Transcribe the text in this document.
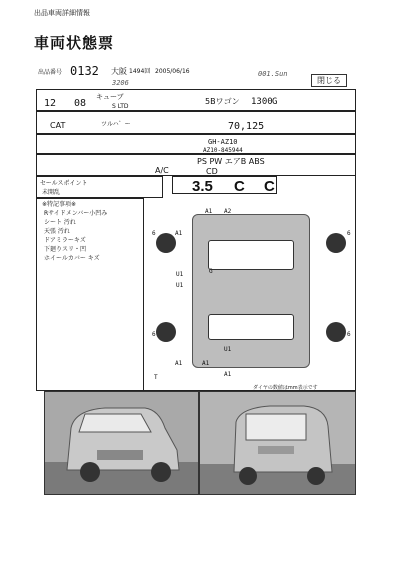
出品車両詳細情報
車両状態票
出品番号 0132 大阪 1494回 2005/06/16
3206
001.Sun
閉じる
12 08
キューブ
S LTD
5Bワゴン 1300 G
CAT	ツルハ゛ー	70,125
GH-AZ10
AZ10-845944
A/C
PS PW エアB ABS
CD
セールスポイント
未開乱	3.5 C C
※特記事項※
Rサイドメンバー小凹み
シート 汚れ
天張 汚れ
ドアミラーキズ
下廻りスリ・凹
ホイールカバー キズ
A1 A2
A1
6	6
G
U1
U1
6	6
U1
A1
A1
A1
T
ダイヤの数値はmm表示です
